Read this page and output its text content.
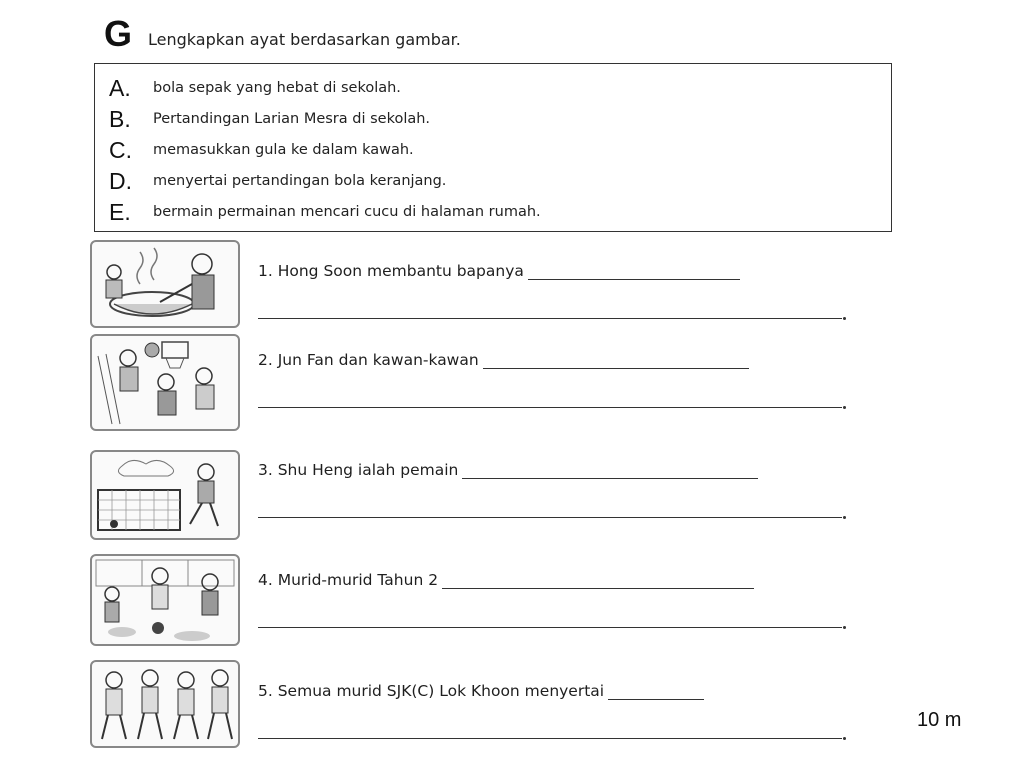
G Lengkapkan ayat berdasarkan gambar.
A.	bola sepak yang hebat di sekolah.
B.	Pertandingan Larian Mesra di sekolah.
C.	memasukkan gula ke dalam kawah.
D.	menyertai pertandingan bola keranjang.
E.	bermain permainan mencari cucu di halaman rumah.
1. Hong Soon membantu bapanya
2. Jun Fan dan kawan-kawan
3. Shu Heng ialah pemain
4. Murid-murid Tahun 2
5. Semua murid SJK(C) Lok Khoon menyertai
10 m
